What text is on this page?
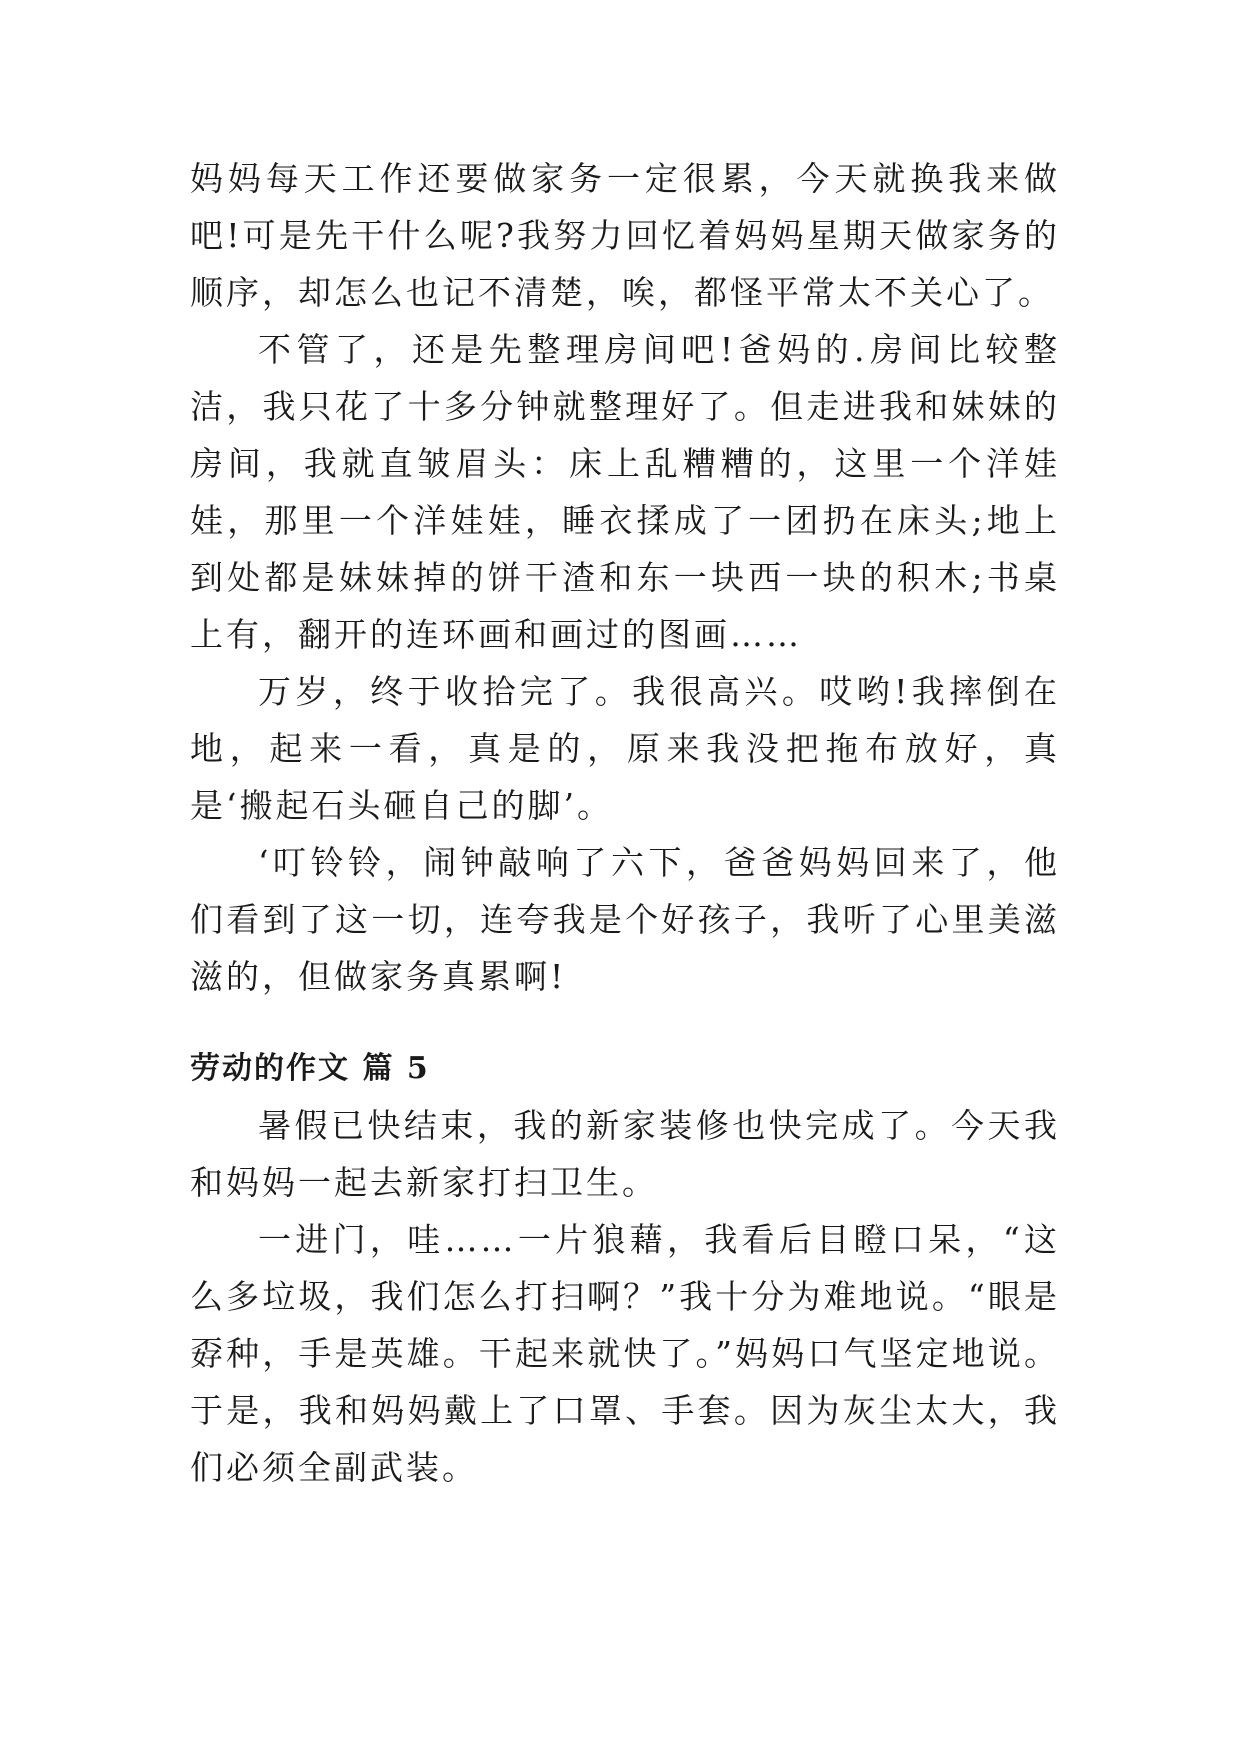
妈妈每天工作还要做家务一定很累，今天就换我来做吧!可是先干什么呢?我努力回忆着妈妈星期天做家务的顺序，却怎么也记不清楚，唉，都怪平常太不关心了。

不管了，还是先整理房间吧!爸妈的.房间比较整洁，我只花了十多分钟就整理好了。但走进我和妹妹的房间，我就直皱眉头：床上乱糟糟的，这里一个洋娃娃，那里一个洋娃娃，睡衣揉成了一团扔在床头;地上到处都是妹妹掉的饼干渣和东一块西一块的积木;书桌上有，翻开的连环画和画过的图画……

万岁，终于收拾完了。我很高兴。哎哟!我摔倒在地，起来一看，真是的，原来我没把拖布放好，真是‘搬起石头砸自己的脚’。

‘叮铃铃，闹钟敲响了六下，爸爸妈妈回来了，他们看到了这一切，连夸我是个好孩子，我听了心里美滋滋的，但做家务真累啊!

劳动的作文 篇 5

暑假已快结束，我的新家装修也快完成了。今天我和妈妈一起去新家打扫卫生。

一进门，哇……一片狼藉，我看后目瞪口呆，“这么多垃圾，我们怎么打扫啊？”我十分为难地说。“眼是孬种，手是英雄。干起来就快了。”妈妈口气坚定地说。于是，我和妈妈戴上了口罩、手套。因为灰尘太大，我们必须全副武装。
